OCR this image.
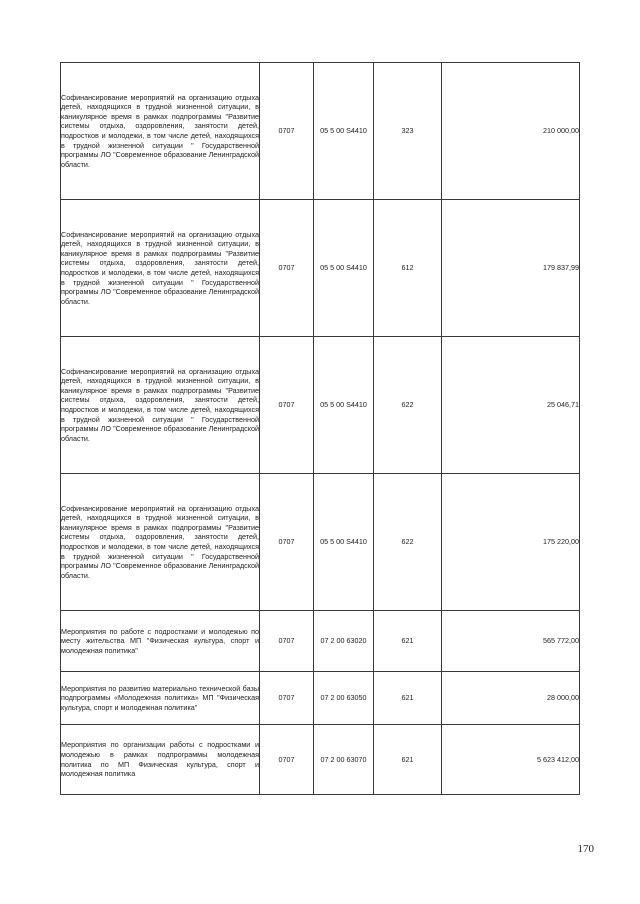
Софинансирование мероприятий на организацию отдыха детей, находящихся в трудной жизненной ситуации, в каникулярное время в рамках подпрограммы "Развитие системы отдыха, оздоровления, занятости детей, подростков и молодежи, в том числе детей, находящихся в трудной жизненной ситуации " Государственной программы ЛО "Современное образование Ленинградской области.	0707	05 5 00 S4410	323	210 000,00
Софинансирование мероприятий на организацию отдыха детей, находящихся в трудной жизненной ситуации, в каникулярное время в рамках подпрограммы "Развитие системы отдыха, оздоровления, занятости детей, подростков и молодежи, в том числе детей, находящихся в трудной жизненной ситуации " Государственной программы ЛО "Современное образование Ленинградской области.	0707	05 5 00 S4410	612	179 837,99
Софинансирование мероприятий на организацию отдыха детей, находящихся в трудной жизненной ситуации, в каникулярное время в рамках подпрограммы "Развитие системы отдыха, оздоровления, занятости детей, подростков и молодежи, в том числе детей, находящихся в трудной жизненной ситуации " Государственной программы ЛО "Современное образование Ленинградской области.	0707	05 5 00 S4410	622	25 046,71
Софинансирование мероприятий на организацию отдыха детей, находящихся в трудной жизненной ситуации, в каникулярное время в рамках подпрограммы "Развитие системы отдыха, оздоровления, занятости детей, подростков и молодежи, в том числе детей, находящихся в трудной жизненной ситуации " Государственной программы ЛО "Современное образование Ленинградской области.	0707	05 5 00 S4410	622	175 220,00
Мероприятия по работе с подростками и молодежью по месту жительства МП "Физическая культура, спорт и молодежная политика"	0707	07 2 00 63020	621	565 772,00
Мероприятия по развитию материально технической базы подпрограммы «Молодежная политика» МП "Физическая культура, спорт и молодежная политика"	0707	07 2 00 63050	621	28 000,00
Мероприятия по организации работы с подростками и молодежью в рамках подпрограммы молодежная политика по МП Физическая культура, спорт и молодежная политика	0707	07 2 00 63070	621	5 623 412,00
170
